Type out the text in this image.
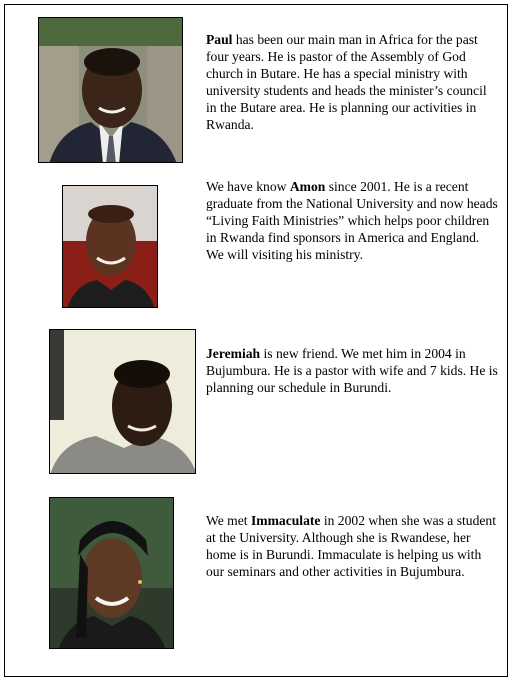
Paul has been our main man in Africa for the past four years. He is pastor of the Assembly of God church in Butare. He has a special ministry with university students and heads the minister’s council in the Butare area. He is planning our activities in Rwanda.
We have know Amon since 2001. He is a recent graduate from the National University and now heads “Living Faith Ministries” which helps poor children in Rwanda find sponsors in America and England. We will visiting his ministry.
Jeremiah is new friend. We met him in 2004 in Bujumbura. He is a pastor with wife and 7 kids. He is planning our schedule in Burundi.
We met Immaculate in 2002 when she was a student at the University. Although she is Rwandese, her home is in Burundi. Immaculate is helping us with our seminars and other activities in Bujumbura.
